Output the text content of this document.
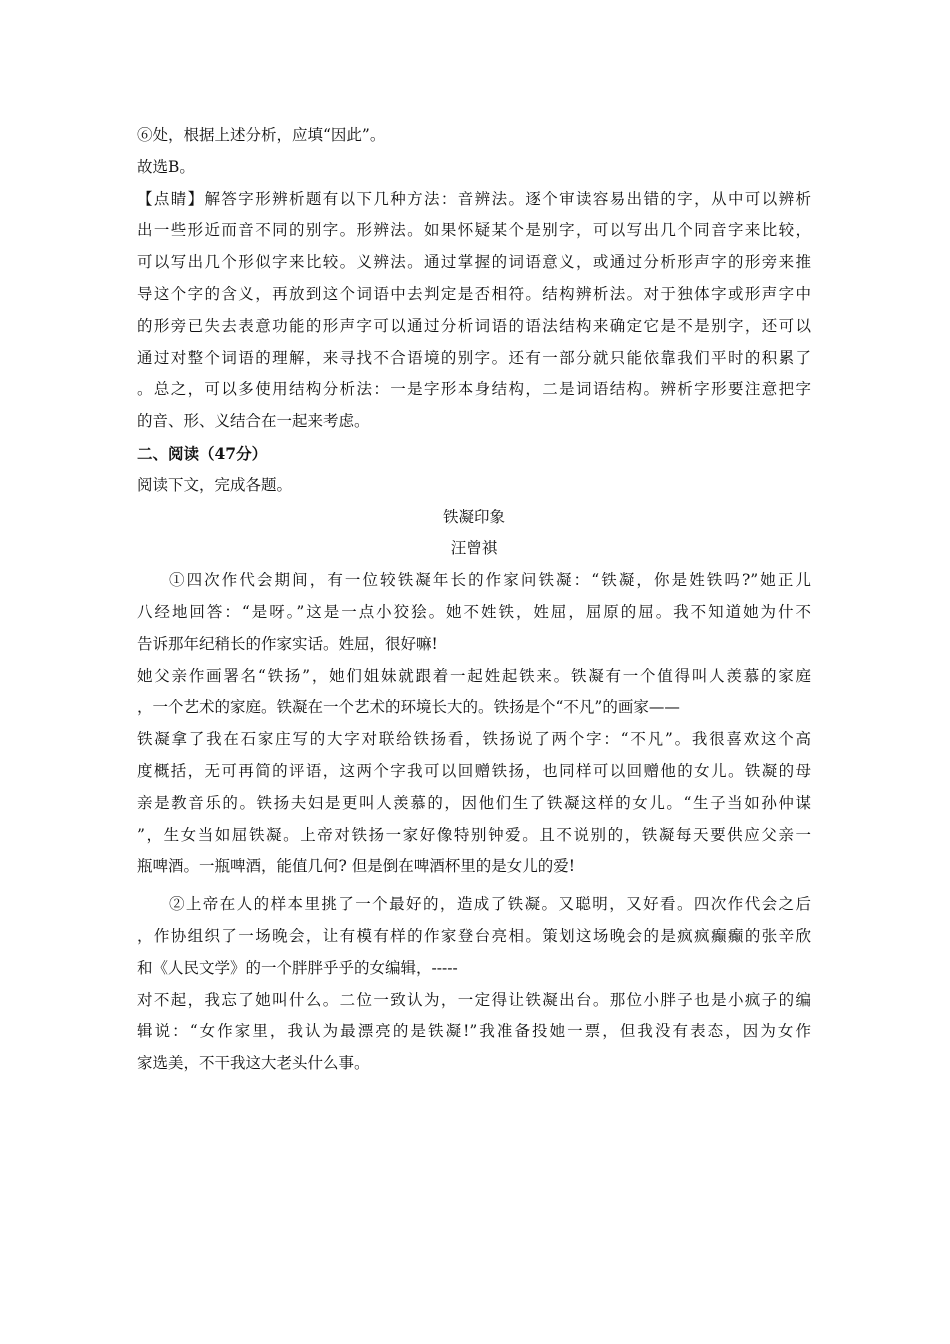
⑥处，根据上述分析，应填“因此”。
故选B。
【点睛】解答字形辨析题有以下几种方法：音辨法。逐个审读容易出错的字，从中可以辨析
出一些形近而音不同的别字。形辨法。如果怀疑某个是别字，可以写出几个同音字来比较，
可以写出几个形似字来比较。义辨法。通过掌握的词语意义，或通过分析形声字的形旁来推
导这个字的含义，再放到这个词语中去判定是否相符。结构辨析法。对于独体字或形声字中
的形旁已失去表意功能的形声字可以通过分析词语的语法结构来确定它是不是别字，还可以
通过对整个词语的理解，来寻找不合语境的别字。还有一部分就只能依靠我们平时的积累了
。总之，可以多使用结构分析法：一是字形本身结构，二是词语结构。辨析字形要注意把字
的音、形、义结合在一起来考虑。
二、阅读（47分）
阅读下文，完成各题。
铁凝印象
汪曾祺
①四次作代会期间，有一位较铁凝年长的作家问铁凝：“铁凝，你是姓铁吗?”她正儿
八经地回答：“是呀。”这是一点小狡狯。她不姓铁，姓屈，屈原的屈。我不知道她为什不
告诉那年纪稍长的作家实话。姓屈，很好嘛!
她父亲作画署名“铁扬”，她们姐妹就跟着一起姓起铁来。铁凝有一个值得叫人羡慕的家庭
，一个艺术的家庭。铁凝在一个艺术的环境长大的。铁扬是个“不凡”的画家——
铁凝拿了我在石家庄写的大字对联给铁扬看，铁扬说了两个字：“不凡”。我很喜欢这个高
度概括，无可再简的评语，这两个字我可以回赠铁扬，也同样可以回赠他的女儿。铁凝的母
亲是教音乐的。铁扬夫妇是更叫人羡慕的，因他们生了铁凝这样的女儿。“生子当如孙仲谋
”，生女当如屈铁凝。上帝对铁扬一家好像特别钟爱。且不说别的，铁凝每天要供应父亲一
瓶啤酒。一瓶啤酒，能值几何? 但是倒在啤酒杯里的是女儿的爱!
②上帝在人的样本里挑了一个最好的，造成了铁凝。又聪明，又好看。四次作代会之后
，作协组织了一场晚会，让有模有样的作家登台亮相。策划这场晚会的是疯疯癫癫的张辛欣
和《人民文学》的一个胖胖乎乎的女编辑，-----
对不起，我忘了她叫什么。二位一致认为，一定得让铁凝出台。那位小胖子也是小疯子的编
辑说：“女作家里，我认为最漂亮的是铁凝!”我准备投她一票，但我没有表态，因为女作
家选美，不干我这大老头什么事。
